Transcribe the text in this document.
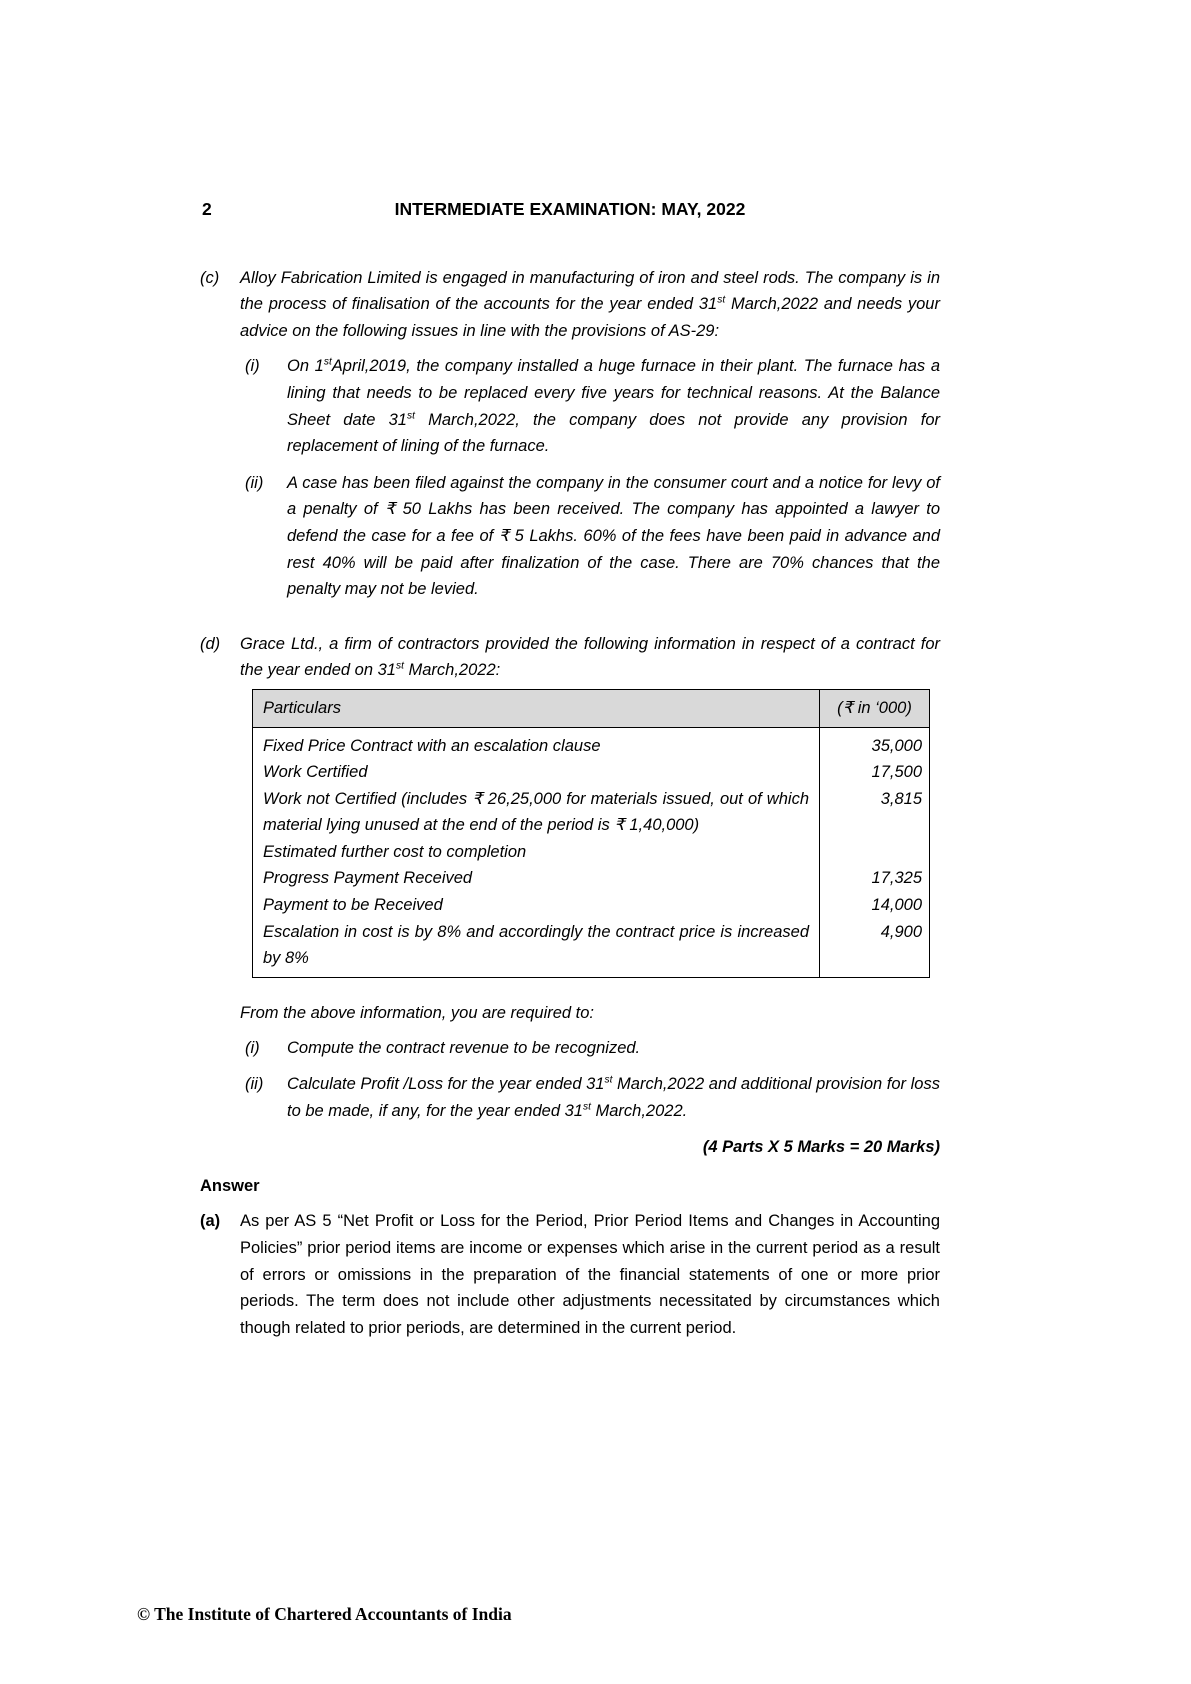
2	INTERMEDIATE EXAMINATION: MAY, 2022
(c)	Alloy Fabrication Limited is engaged in manufacturing of iron and steel rods. The company is in the process of finalisation of the accounts for the year ended 31st March,2022 and needs your advice on the following issues in line with the provisions of AS-29:
(i)	On 1stApril,2019, the company installed a huge furnace in their plant. The furnace has a lining that needs to be replaced every five years for technical reasons. At the Balance Sheet date 31st March,2022, the company does not provide any provision for replacement of lining of the furnace.
(ii)	A case has been filed against the company in the consumer court and a notice for levy of a penalty of ₹ 50 Lakhs has been received. The company has appointed a lawyer to defend the case for a fee of ₹ 5 Lakhs. 60% of the fees have been paid in advance and rest 40% will be paid after finalization of the case. There are 70% chances that the penalty may not be levied.
(d)	Grace Ltd., a firm of contractors provided the following information in respect of a contract for the year ended on 31st March,2022:
Particulars	(₹ in ‘000)
Fixed Price Contract with an escalation clause	35,000
Work Certified	17,500
Work not Certified (includes ₹ 26,25,000 for materials issued, out of which material lying unused at the end of the period is ₹ 1,40,000)	3,815
Estimated further cost to completion	
Progress Payment Received	17,325
Payment to be Received	14,000
Escalation in cost is by 8% and accordingly the contract price is increased by 8%	4,900
From the above information, you are required to:
(i)	Compute the contract revenue to be recognized.
(ii)	Calculate Profit /Loss for the year ended 31st March,2022 and additional provision for loss to be made, if any, for the year ended 31st March,2022.
(4 Parts X 5 Marks = 20 Marks)
Answer
(a)	As per AS 5 “Net Profit or Loss for the Period, Prior Period Items and Changes in Accounting Policies” prior period items are income or expenses which arise in the current period as a result of errors or omissions in the preparation of the financial statements of one or more prior periods. The term does not include other adjustments necessitated by circumstances which though related to prior periods, are determined in the current period.
© The Institute of Chartered Accountants of India
